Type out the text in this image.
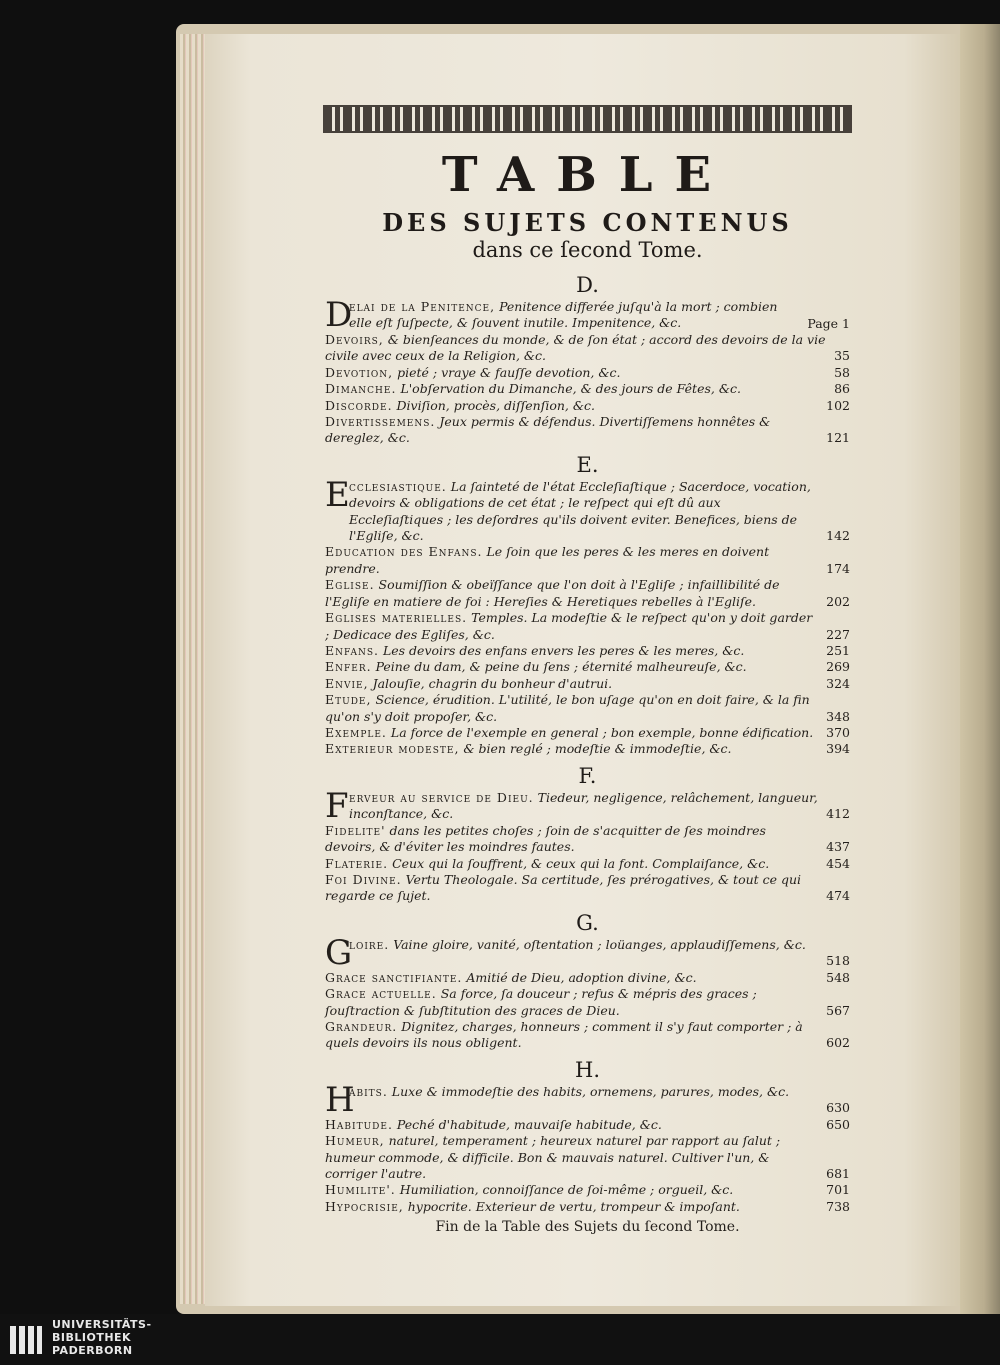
TABLE
DES SUJETS CONTENUS
dans ce ſecond Tome.
D.
D
elai de la Penitence, Penitence differée juſqu'à la mort ; combien elle eſt ſuſpecte, & ſouvent inutile. Impenitence, &c.	Page 1
Devoirs, & bienſeances du monde, & de ſon état ; accord des devoirs de la vie civile avec ceux de la Religion, &c.	35
Devotion, pieté ; vraye & fauſſe devotion, &c.	58
Dimanche. L'obſervation du Dimanche, & des jours de Fêtes, &c.	86
Discorde. Diviſion, procès, diſſenſion, &c.	102
Divertissemens. Jeux permis & défendus. Divertiſſemens honnêtes & dereglez, &c.	121
E.
E cclesiastique. La ſainteté de l'état Eccleſiaſtique ; Sacerdoce, vocation, devoirs & obligations de cet état ; le reſpect qui eſt dû aux Eccleſiaſtiques ; les deſordres qu'ils doivent eviter. Benefices, biens de l'Egliſe, &c.	142
Education des Enfans. Le ſoin que les peres & les meres en doivent prendre.	174
Eglise. Soumiſſion & obeïſſance que l'on doit à l'Egliſe ; infaillibilité de l'Egliſe en matiere de foi : Hereſies & Heretiques rebelles à l'Egliſe.	202
Eglises materielles. Temples. La modeſtie & le reſpect qu'on y doit garder ; Dedicace des Egliſes, &c.	227
Enfans. Les devoirs des enfans envers les peres & les meres, &c.	251
Enfer. Peine du dam, & peine du ſens ; éternité malheureuſe, &c.	269
Envie, Jalouſie, chagrin du bonheur d'autrui.	324
Etude, Science, érudition. L'utilité, le bon uſage qu'on en doit faire, & la fin qu'on s'y doit propoſer, &c.	348
Exemple. La force de l'exemple en general ; bon exemple, bonne édification. 370
Exterieur modeste, & bien reglé ; modeſtie & immodeſtie, &c.	394
F.
F erveur au service de Dieu. Tiedeur, negligence, relâchement, langueur, inconſtance, &c.	412
Fidelite' dans les petites choſes ; ſoin de s'acquitter de ſes moindres devoirs, & d'éviter les moindres fautes.	437
Flaterie. Ceux qui la ſouffrent, & ceux qui la font. Complaiſance, &c.	454
Foi Divine. Vertu Theologale. Sa certitude, ſes prérogatives, & tout ce qui regarde ce ſujet.	474
G.
G
loire. Vaine gloire, vanité, oſtentation ; loüanges, applaudiſſemens, &c.
518
Grace sanctifiante. Amitié de Dieu, adoption divine, &c.	548
Grace actuelle. Sa force, ſa douceur ; refus & mépris des graces ; ſouſtraction & ſubſtitution des graces de Dieu.	567
Grandeur. Dignitez, charges, honneurs ; comment il s'y faut comporter ; à quels devoirs ils nous obligent.	602
H.
H
abits. Luxe & immodeſtie des habits, ornemens, parures, modes, &c.
630
Habitude. Peché d'habitude, mauvaiſe habitude, &c.	650
Humeur, naturel, temperament ; heureux naturel par rapport au ſalut ; humeur commode, & difficile. Bon & mauvais naturel. Cultiver l'un, & corriger l'autre.	681
Humilite'. Humiliation, connoiſſance de ſoi-même ; orgueil, &c.	701
Hypocrisie, hypocrite. Exterieur de vertu, trompeur & impoſant.	738
Fin de la Table des Sujets du ſecond Tome.
UNIVERSITÄTS-
BIBLIOTHEK
PADERBORN
